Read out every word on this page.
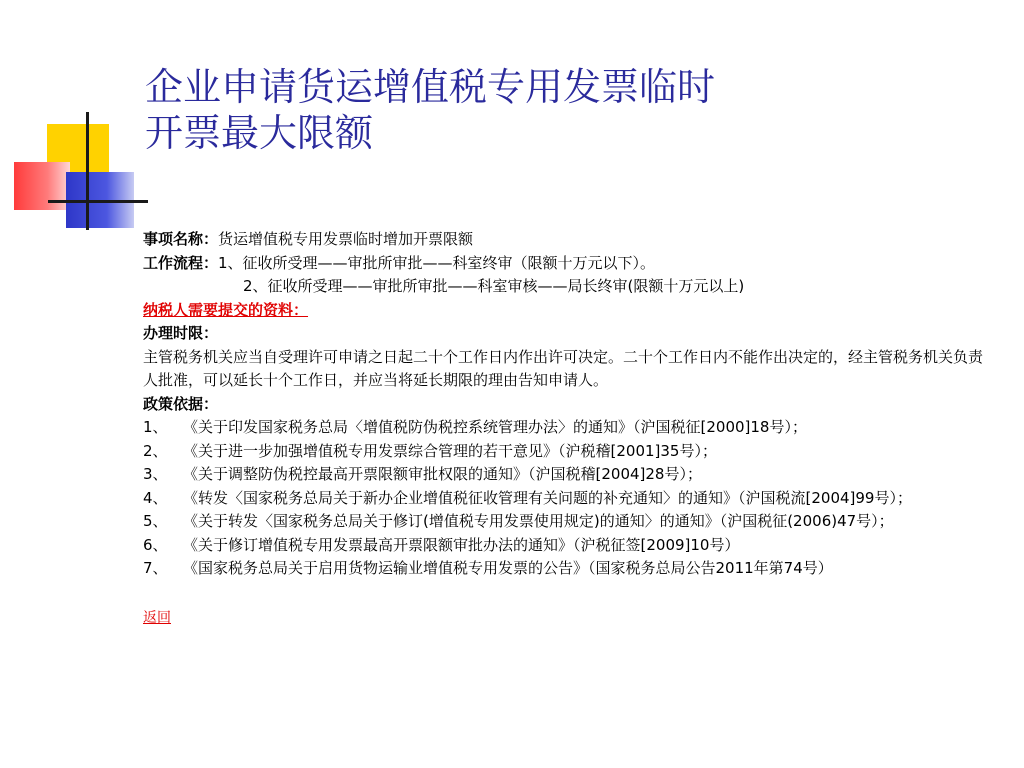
企业申请货运增值税专用发票临时
开票最大限额
事项名称：货运增值税专用发票临时增加开票限额
工作流程：1、征收所受理——审批所审批——科室终审（限额十万元以下）。
2、征收所受理——审批所审批——科室审核——局长终审(限额十万元以上)
纳税人需要提交的资料：
办理时限：
主管税务机关应当自受理许可申请之日起二十个工作日内作出许可决定。二十个工作日内不能作出决定的，经主管税务机关负责人批准，可以延长十个工作日，并应当将延长期限的理由告知申请人。
政策依据：
1、	《关于印发国家税务总局〈增值税防伪税控系统管理办法〉的通知》（沪国税征[2000]18号）；
2、	《关于进一步加强增值税专用发票综合管理的若干意见》（沪税稽[2001]35号）；
3、	《关于调整防伪税控最高开票限额审批权限的通知》（沪国税稽[2004]28号）；
4、	《转发〈国家税务总局关于新办企业增值税征收管理有关问题的补充通知〉的通知》（沪国税流[2004]99号）；
5、	《关于转发〈国家税务总局关于修订(增值税专用发票使用规定)的通知〉的通知》（沪国税征(2006)47号）；
6、	《关于修订增值税专用发票最高开票限额审批办法的通知》（沪税征签[2009]10号）
7、	《国家税务总局关于启用货物运输业增值税专用发票的公告》（国家税务总局公告2011年第74号）
返回
